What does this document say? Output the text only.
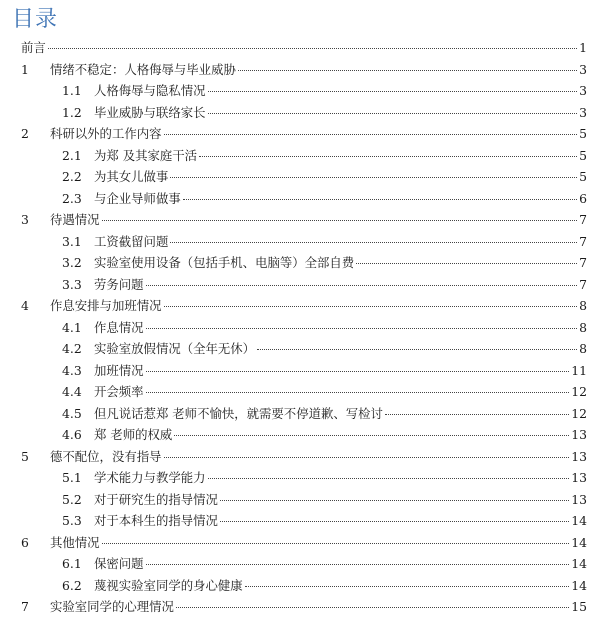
目录
前言	1
1 情绪不稳定：人格侮辱与毕业威胁	3
1.1 人格侮辱与隐私情况	3
1.2 毕业威胁与联络家长	3
2 科研以外的工作内容	5
2.1 为郑 及其家庭干活	5
2.2 为其女儿做事	5
2.3 与企业导师做事	6
3 待遇情况	7
3.1 工资截留问题	7
3.2 实验室使用设备（包括手机、电脑等）全部自费	7
3.3 劳务问题	7
4 作息安排与加班情况	8
4.1 作息情况	8
4.2 实验室放假情况（全年无休）	8
4.3 加班情况	11
4.4 开会频率	12
4.5 但凡说话惹郑 老师不愉快，就需要不停道歉、写检讨	12
4.6 郑 老师的权威	13
5 德不配位，没有指导	13
5.1 学术能力与教学能力	13
5.2 对于研究生的指导情况	13
5.3 对于本科生的指导情况	14
6 其他情况	14
6.1 保密问题	14
6.2 蔑视实验室同学的身心健康	14
7 实验室同学的心理情况	15
